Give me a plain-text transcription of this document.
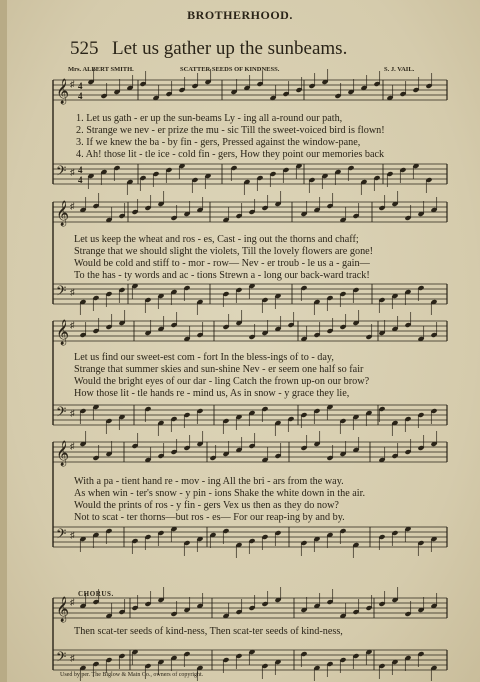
BROTHERHOOD.
525 Let us gather up the sunbeams.
Mrs. ALBERT SMITH.	SCATTER SEEDS OF KINDNESS.	S. J. VAIL.
𝄞 ♯ 4
4
𝄢 ♯ 4
4
𝄞 ♯
𝄢 ♯
𝄞 ♯
𝄢 ♯
𝄞 ♯
𝄢 ♯
𝄞 ♯
𝄢 ♯
1. Let us gath - er up the sun-beams Ly - ing all a-round our path,
2. Strange we nev - er prize the mu - sic Till the sweet-voiced bird is flown!
3. If we knew the ba - by fin - gers, Pressed against the window-pane,
4. Ah! those lit - tle ice - cold fin - gers, How they point our memories back
Let us keep the wheat and ros - es, Cast - ing out the thorns and chaff;
Strange that we should slight the violets, Till the lovely flowers are gone!
Would be cold and stiff to - mor - row— Nev - er troub - le us a - gain—
To the has - ty words and ac - tions Strewn a - long our back-ward track!
Let us find our sweet-est com - fort In the bless-ings of to - day,
Strange that summer skies and sun-shine Nev - er seem one half so fair
Would the bright eyes of our dar - ling Catch the frown up-on our brow?
How those lit - tle hands re - mind us, As in snow - y grace they lie,
With a pa - tient hand re - mov - ing All the bri - ars from the way.
As when win - ter's snow - y pin - ions Shake the white down in the air.
Would the prints of ros - y fin - gers Vex us then as they do now?
Not to scat - ter thorns—but ros - es— For our reap-ing by and by.
CHORUS.
Then scat-ter seeds of kind-ness, Then scat-ter seeds of kind-ness,
Used by per. The Biglow & Main Co., owners of copyright.
